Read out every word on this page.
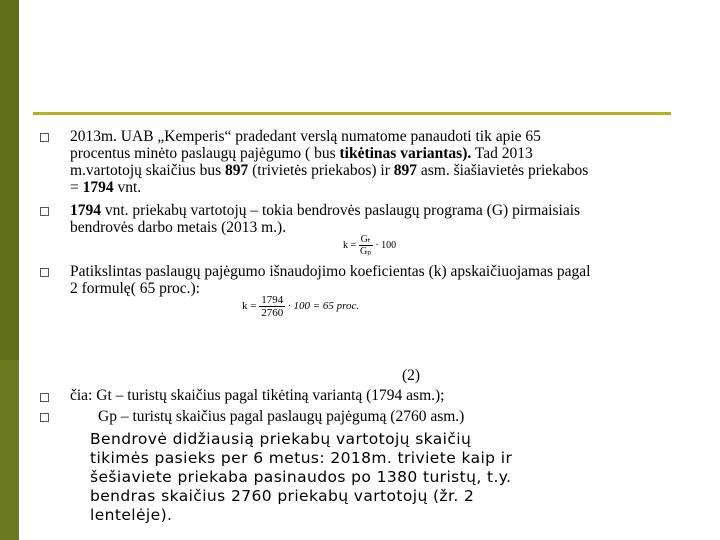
2013m. UAB „Kemperis“ pradedant verslą numatome panaudoti tik apie 65
procentus minėto paslaugų pajėgumo ( bus tikėtinas variantas). Tad 2013
m.vartotojų skaičius bus 897 (trivietės priekabos) ir 897 asm. šiašiavietės priekabos
= 1794 vnt.
1794 vnt. priekabų vartotojų – tokia bendrovės paslaugų programa (G) pirmaisiais
bendrovės darbo metais (2013 m.).
$k = \frac{\text{Gₜ}}{\text{Gₚ}} \cdot 100$
Patikslintas paslaugų pajėgumo išnaudojimo koeficientas (k) apskaičiuojamas pagal
2 formulę( 65 proc.):
$k = \frac{1794}{2760} \cdot 100 = 65$ proc.
(2)
čia: Gt – turistų skaičius pagal tikėtiną variantą (1794 asm.);
Gp – turistų skaičius pagal paslaugų pajėgumą (2760 asm.)
Bendrovė didžiausią priekabų vartotojų skaičių
tikimės pasieks per 6 metus: 2018m. triviete kaip ir
šešiaviete priekaba pasinaudos po 1380 turistų, t.y.
bendras skaičius 2760 priekabų vartotojų (žr. 2
lentelėje).
